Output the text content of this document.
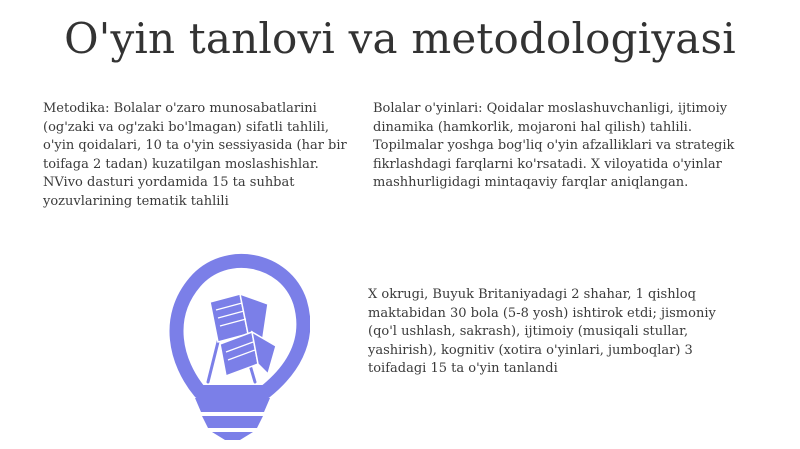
O'yin tanlovi va metodologiyasi
Metodika: Bolalar o'zaro munosabatlarini (og'zaki va og'zaki bo'lmagan) sifatli tahlili, o'yin qoidalari, 10 ta o'yin sessiyasida (har bir toifaga 2 tadan) kuzatilgan moslashishlar. NVivo dasturi yordamida 15 ta suhbat yozuvlarining tematik tahlili
Bolalar o'yinlari: Qoidalar moslashuvchanligi, ijtimoiy dinamika (hamkorlik, mojaroni hal qilish) tahlili. Topilmalar yoshga bog'liq o'yin afzalliklari va strategik fikrlashdagi farqlarni ko'rsatadi. X viloyatida o'yinlar mashhurligidagi mintaqaviy farqlar aniqlangan.
X okrugi, Buyuk Britaniyadagi 2 shahar, 1 qishloq maktabidan 30 bola (5-8 yosh) ishtirok etdi; jismoniy (qo'l ushlash, sakrash), ijtimoiy (musiqali stullar, yashirish), kognitiv (xotira o'yinlari, jumboqlar) 3 toifadagi 15 ta o'yin tanlandi
